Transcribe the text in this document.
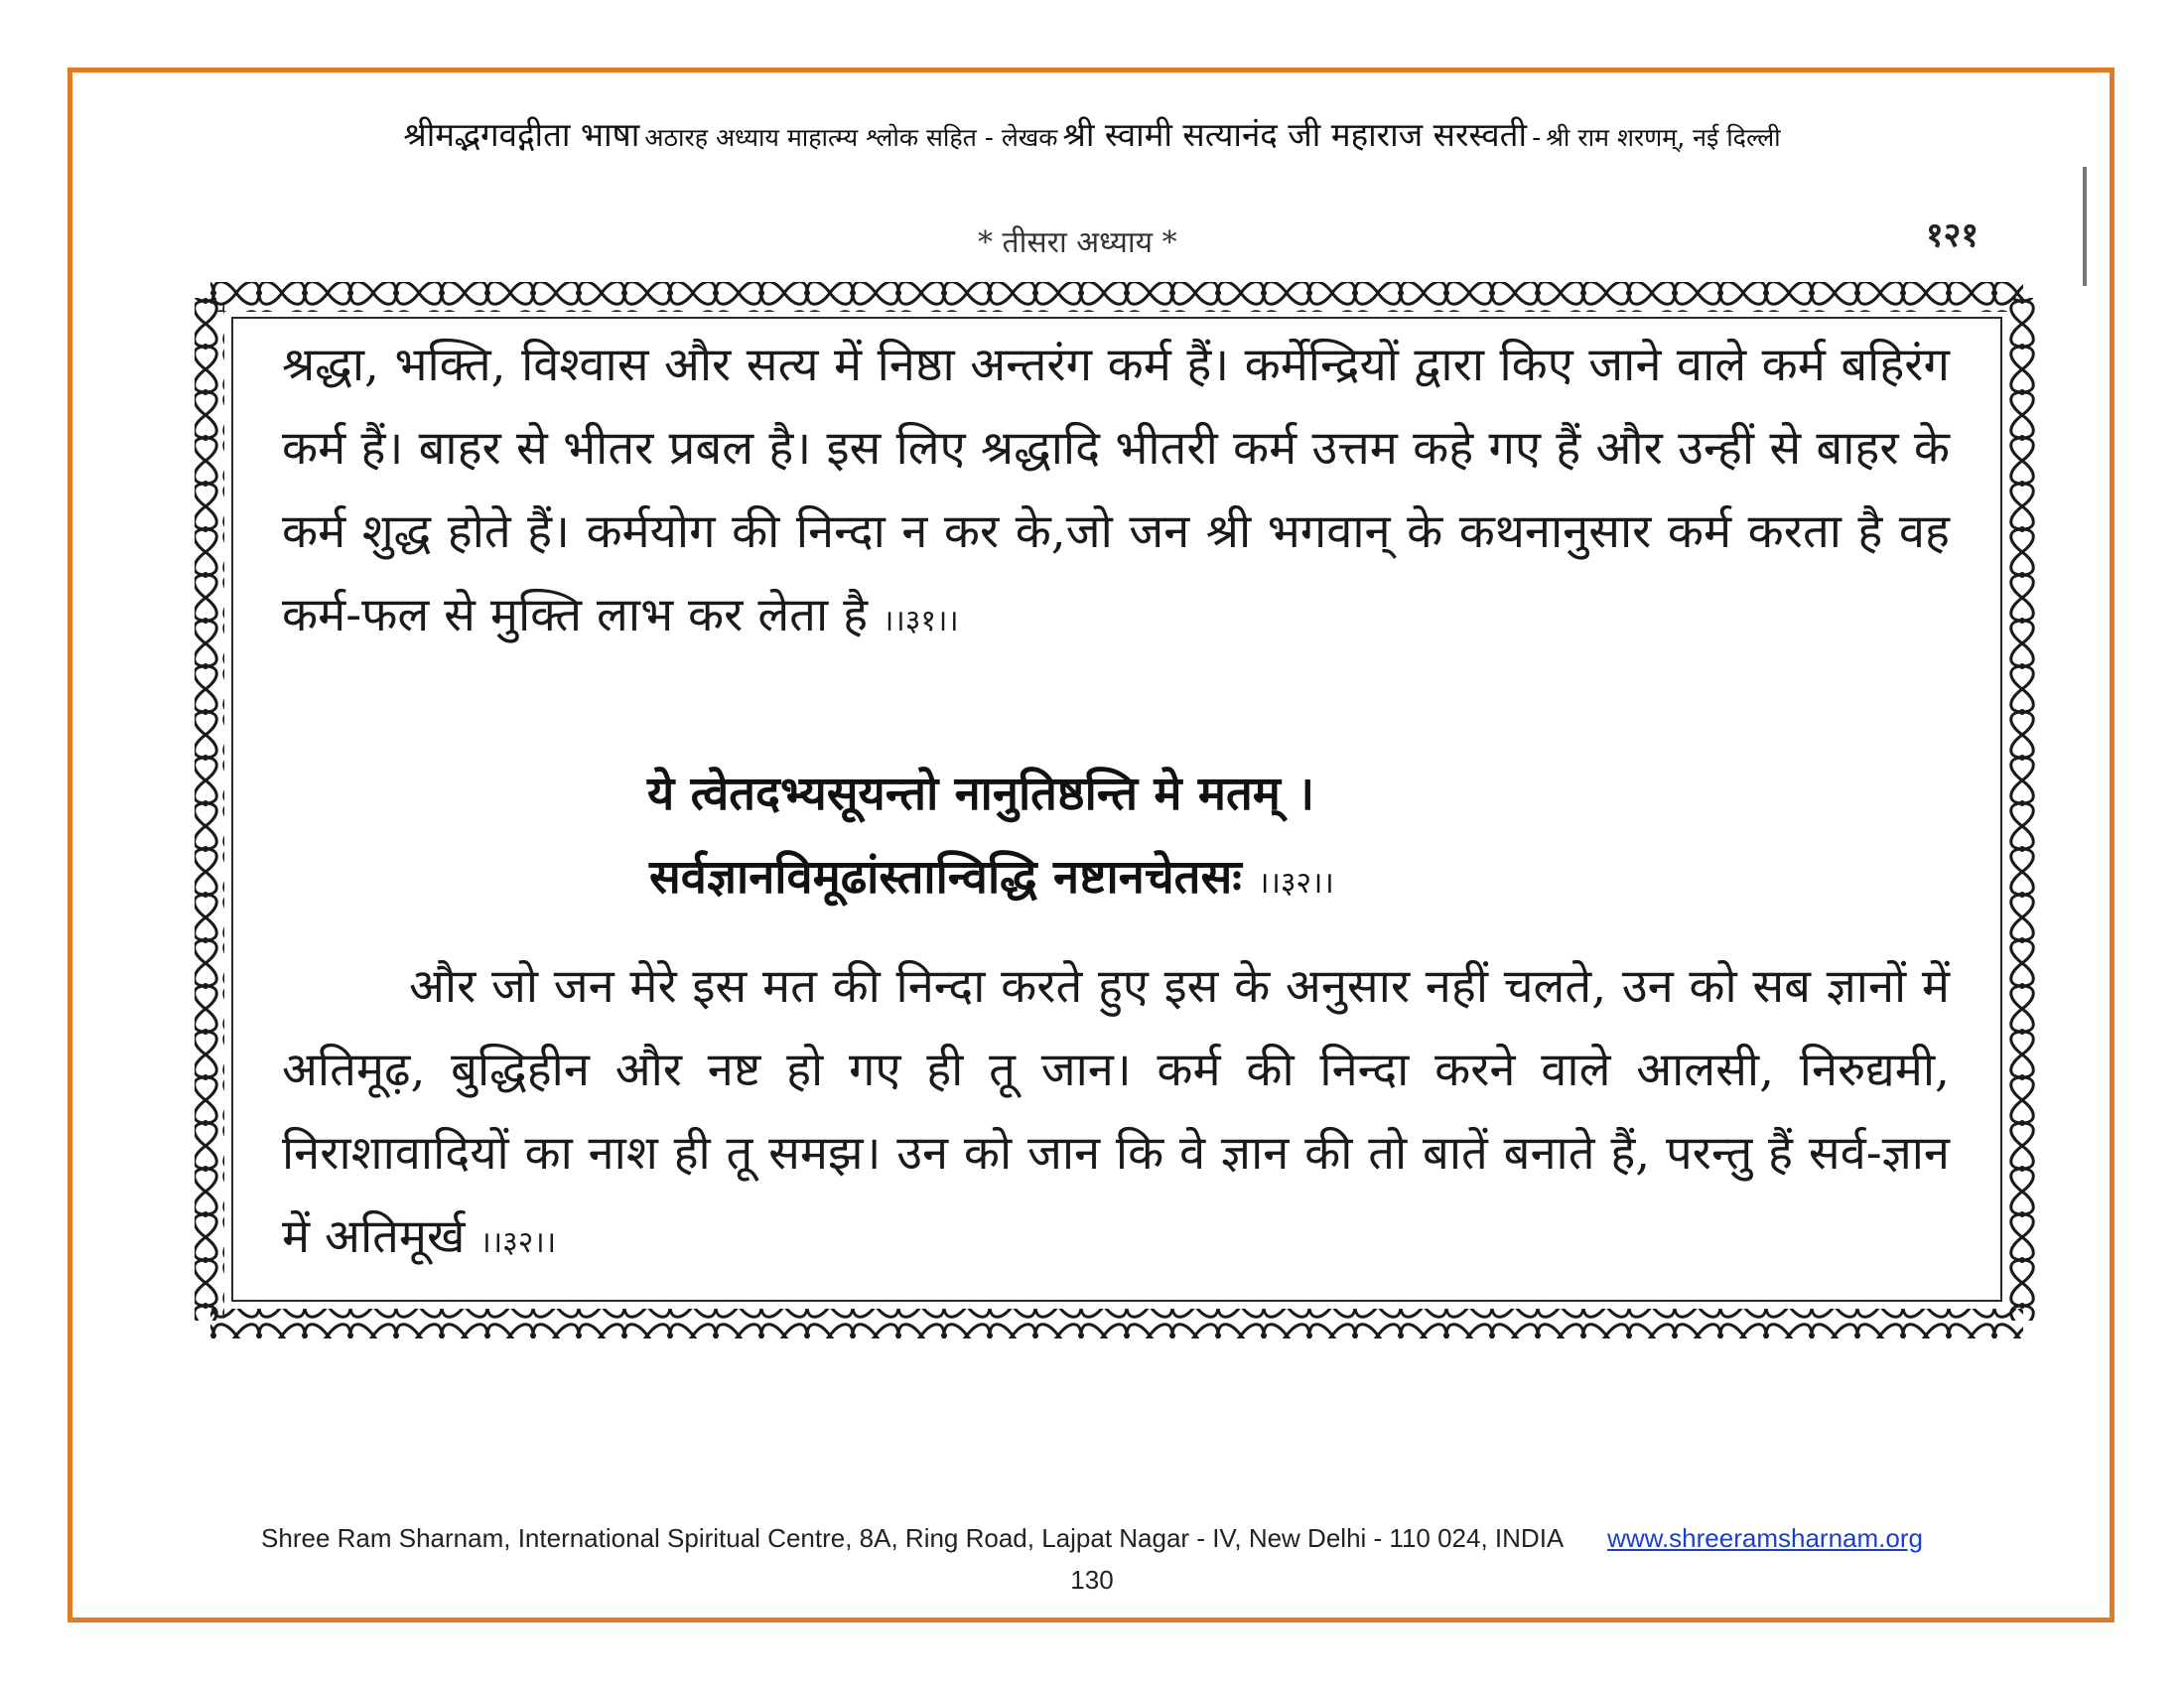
श्रीमद्भगवद्गीता भाषा अठारह अध्याय माहात्म्य श्लोक सहित - लेखक श्री स्वामी सत्यानंद जी महाराज सरस्वती - श्री राम शरणम्, नई दिल्ली
* तीसरा अध्याय *	१२१
श्रद्धा, भक्ति, विश्वास और सत्य में निष्ठा अन्तरंग कर्म हैं। कर्मेन्द्रियों द्वारा किए जाने वाले कर्म बहिरंग कर्म हैं। बाहर से भीतर प्रबल है। इस लिए श्रद्धादि भीतरी कर्म उत्तम कहे गए हैं और उन्हीं से बाहर के कर्म शुद्ध होते हैं। कर्मयोग की निन्दा न कर के,जो जन श्री भगवान् के कथनानुसार कर्म करता है वह कर्म-फल से मुक्ति लाभ कर लेता है ।।३१।।
ये त्वेतदभ्यसूयन्तो नानुतिष्ठन्ति मे मतम् ।
सर्वज्ञानविमूढांस्तान्विद्धि नष्टानचेतसः ।।३२।।
और जो जन मेरे इस मत की निन्दा करते हुए इस के अनुसार नहीं चलते, उन को सब ज्ञानों में अतिमूढ़, बुद्धिहीन और नष्ट हो गए ही तू जान। कर्म की निन्दा करने वाले आलसी, निरुद्यमी, निराशावादियों का नाश ही तू समझ। उन को जान कि वे ज्ञान की तो बातें बनाते हैं, परन्तु हैं सर्व-ज्ञान में अतिमूर्ख ।।३२।।
Shree Ram Sharnam, International Spiritual Centre, 8A, Ring Road, Lajpat Nagar - IV, New Delhi - 110 024, INDIA www.shreeramsharnam.org
130
